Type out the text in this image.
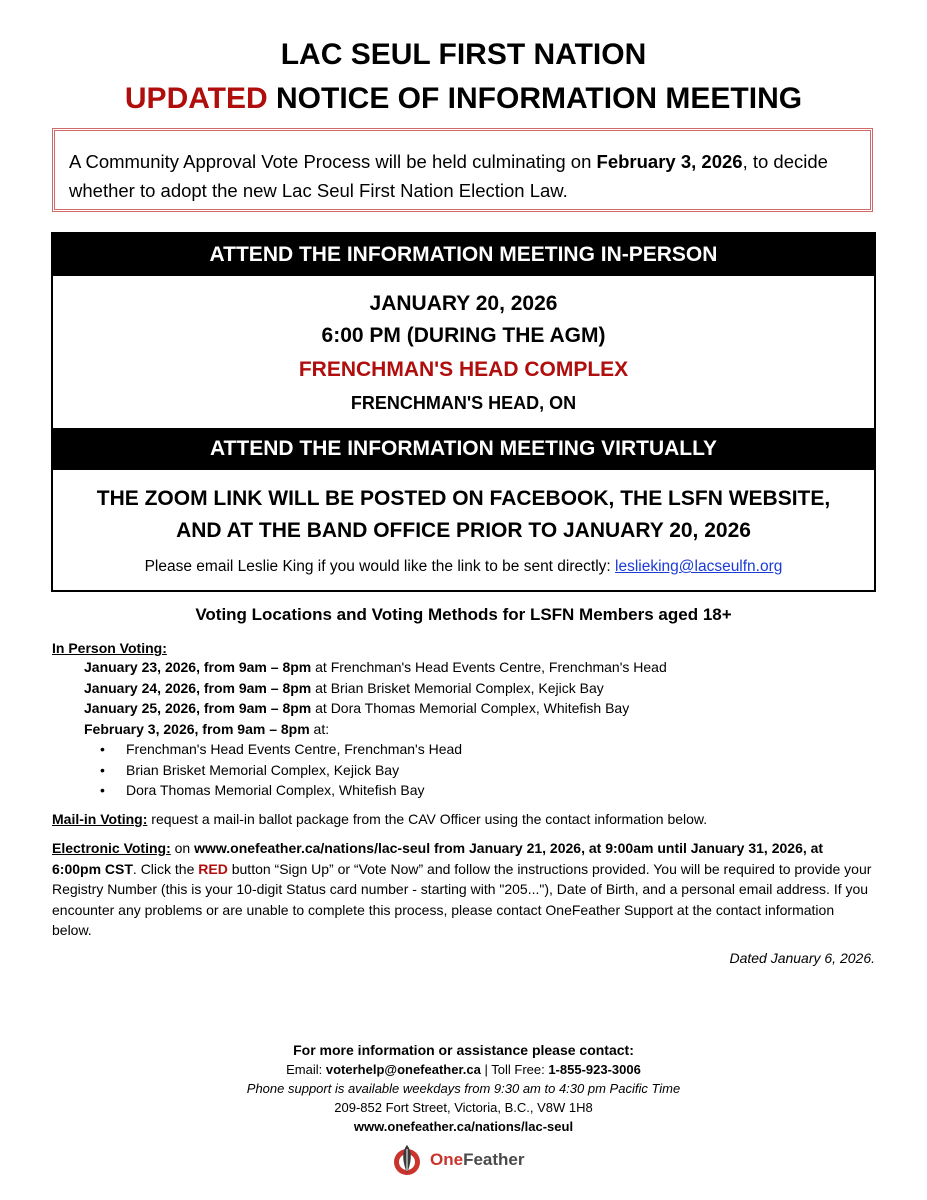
LAC SEUL FIRST NATION
UPDATED NOTICE OF INFORMATION MEETING
A Community Approval Vote Process will be held culminating on February 3, 2026, to decide whether to adopt the new Lac Seul First Nation Election Law.
ATTEND THE INFORMATION MEETING IN-PERSON
JANUARY 20, 2026
6:00 PM (DURING THE AGM)
FRENCHMAN'S HEAD COMPLEX
FRENCHMAN'S HEAD, ON
ATTEND THE INFORMATION MEETING VIRTUALLY
THE ZOOM LINK WILL BE POSTED ON FACEBOOK, THE LSFN WEBSITE,
AND AT THE BAND OFFICE PRIOR TO JANUARY 20, 2026
Please email Leslie King if you would like the link to be sent directly: leslieking@lacseulfn.org
Voting Locations and Voting Methods for LSFN Members aged 18+
In Person Voting:
January 23, 2026, from 9am – 8pm at Frenchman's Head Events Centre, Frenchman's Head
January 24, 2026, from 9am – 8pm at Brian Brisket Memorial Complex, Kejick Bay
January 25, 2026, from 9am – 8pm at Dora Thomas Memorial Complex, Whitefish Bay
February 3, 2026, from 9am – 8pm at:
• Frenchman's Head Events Centre, Frenchman's Head
• Brian Brisket Memorial Complex, Kejick Bay
• Dora Thomas Memorial Complex, Whitefish Bay
Mail-in Voting: request a mail-in ballot package from the CAV Officer using the contact information below.
Electronic Voting: on www.onefeather.ca/nations/lac-seul from January 21, 2026, at 9:00am until January 31, 2026, at 6:00pm CST. Click the RED button “Sign Up” or “Vote Now” and follow the instructions provided. You will be required to provide your Registry Number (this is your 10-digit Status card number - starting with "205..."), Date of Birth, and a personal email address. If you encounter any problems or are unable to complete this process, please contact OneFeather Support at the contact information below.
Dated January 6, 2026.
For more information or assistance please contact:
Email: voterhelp@onefeather.ca | Toll Free: 1-855-923-3006
Phone support is available weekdays from 9:30 am to 4:30 pm Pacific Time
209-852 Fort Street, Victoria, B.C., V8W 1H8
www.onefeather.ca/nations/lac-seul
OneFeather
